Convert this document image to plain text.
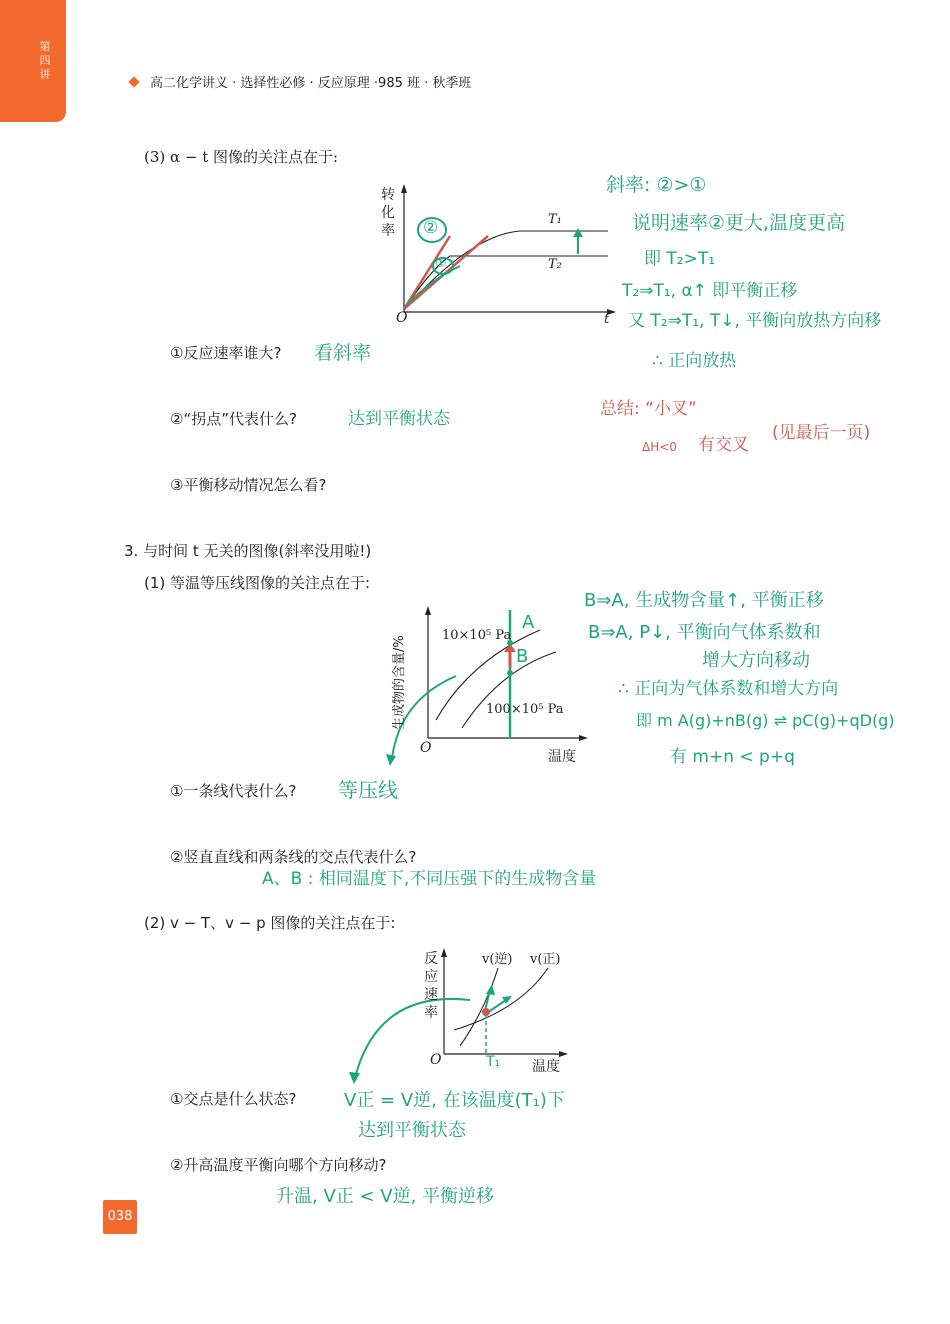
第
四
讲
高二化学讲义 · 选择性必修 · 反应原理 ·985 班 · 秋季班
(3) α − t 图像的关注点在于:
转
化
率
O	t
T₁
T₂
②
①
①反应速率谁大? 看斜率
②“拐点”代表什么?	达到平衡状态
③平衡移动情况怎么看?
斜率: ②>①
说明速率②更大,温度更高
即 T₂>T₁
T₂⇒T₁, α↑ 即平衡正移
又 T₂⇒T₁, T↓, 平衡向放热方向移
∴ 正向放热
总结: “小叉”
ΔH<0 有交叉
(见最后一页)
3. 与时间 t 无关的图像(斜率没用啦!)
(1) 等温等压线图像的关注点在于:
生成物的含量/%	10×10⁵ Pa
100×10⁵ Pa
O
温度
A
B
①一条线代表什么? 等压线
②竖直直线和两条线的交点代表什么?
A、B : 相同温度下,不同压强下的生成物含量
B⇒A, 生成物含量↑, 平衡正移
B⇒A, P↓, 平衡向气体系数和
增大方向移动
∴ 正向为气体系数和增大方向
即 m A(g)+nB(g) ⇌ pC(g)+qD(g)
有 m+n < p+q
(2) v − T、v − p 图像的关注点在于:
反
应
速
率
v(逆) v(正)
O	温度
T₁
①交点是什么状态?	V正 = V逆, 在该温度(T₁)下
达到平衡状态
②升高温度平衡向哪个方向移动?
升温, V正 < V逆, 平衡逆移
038
